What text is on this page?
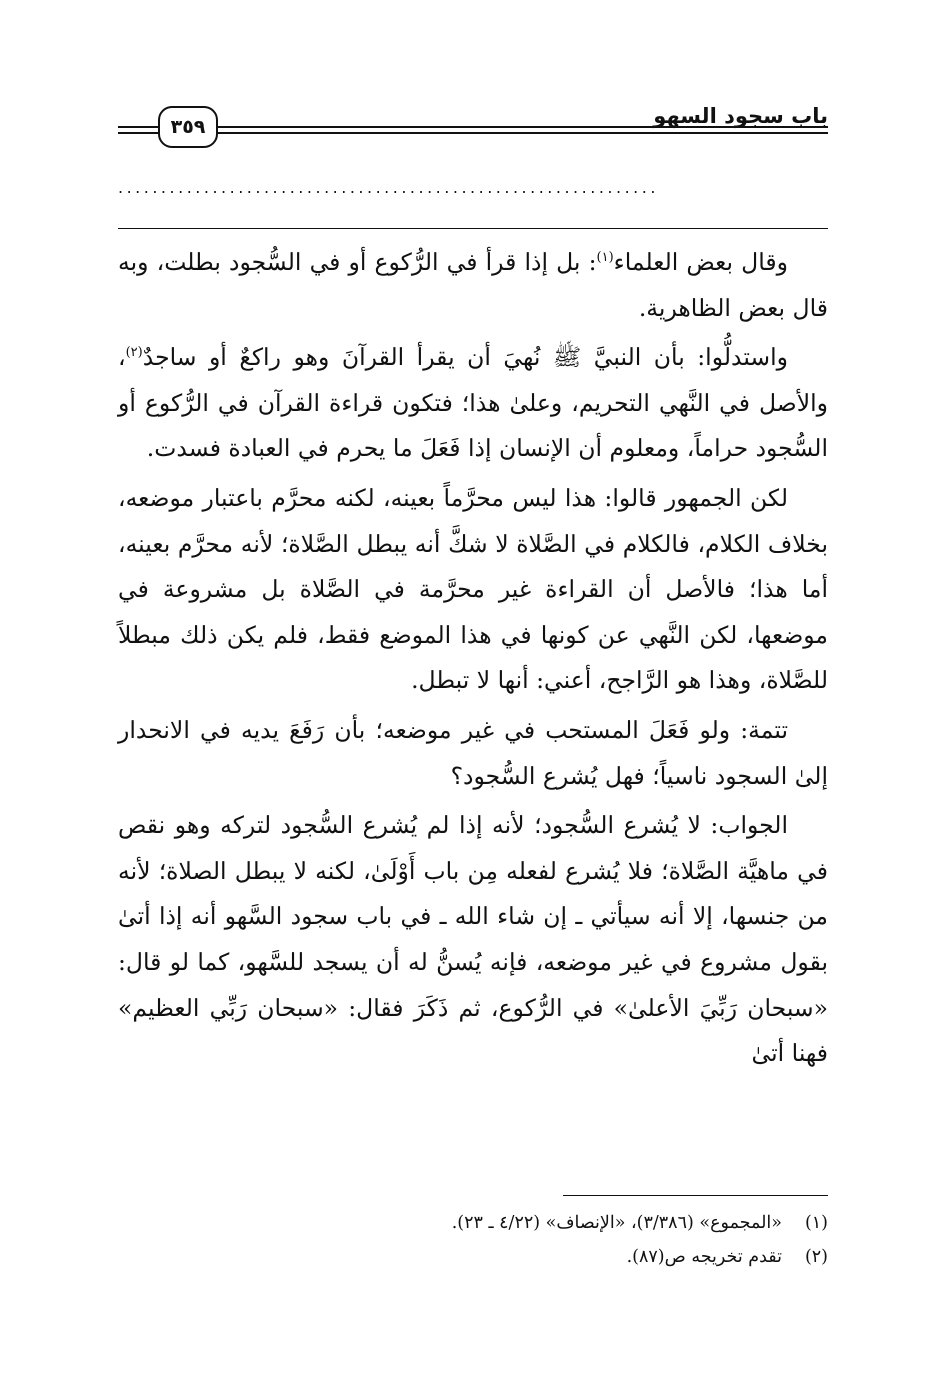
٣٥٩	باب سجود السهو
...............................................................

وقال بعض العلماء$^{(١)}$: بل إذا قرأ في الرُّكوع أو في السُّجود بطلت، وبه قال بعض الظاهرية.

واستدلُّوا: بأن النبيَّ ﷺ نُهيَ أن يقرأ القرآنَ وهو راكعٌ أو ساجدٌ$^{(٢)}$، والأصل في النَّهي التحريم، وعلىٰ هذا؛ فتكون قراءة القرآن في الرُّكوع أو السُّجود حراماً، ومعلوم أن الإنسان إذا فَعَلَ ما يحرم في العبادة فسدت.

لكن الجمهور قالوا: هذا ليس محرَّماً بعينه، لكنه محرَّم باعتبار موضعه، بخلاف الكلام، فالكلام في الصَّلاة لا شكَّ أنه يبطل الصَّلاة؛ لأنه محرَّم بعينه، أما هذا؛ فالأصل أن القراءة غير محرَّمة في الصَّلاة بل مشروعة في موضعها، لكن النَّهي عن كونها في هذا الموضع فقط، فلم يكن ذلك مبطلاً للصَّلاة، وهذا هو الرَّاجح، أعني: أنها لا تبطل.

تتمة: ولو فَعَلَ المستحب في غير موضعه؛ بأن رَفَعَ يديه في الانحدار إلىٰ السجود ناسياً؛ فهل يُشرع السُّجود؟

الجواب: لا يُشرع السُّجود؛ لأنه إذا لم يُشرع السُّجود لتركه وهو نقص في ماهيَّة الصَّلاة؛ فلا يُشرع لفعله مِن باب أَوْلَىٰ، لكنه لا يبطل الصلاة؛ لأنه من جنسها، إلا أنه سيأتي ـ إن شاء الله ـ في باب سجود السَّهو أنه إذا أتىٰ بقول مشروع في غير موضعه، فإنه يُسنُّ له أن يسجد للسَّهو، كما لو قال: «سبحان رَبِّيَ الأعلىٰ» في الرُّكوع، ثم ذَكَرَ فقال: «سبحان رَبِّي العظيم» فهنا أتىٰ

(١)
«المجموع» (٣/٣٨٦)، «الإنصاف» (٤/٢٢ ـ ٢٣).
(٢)
تقدم تخريجه ص(٨٧).
